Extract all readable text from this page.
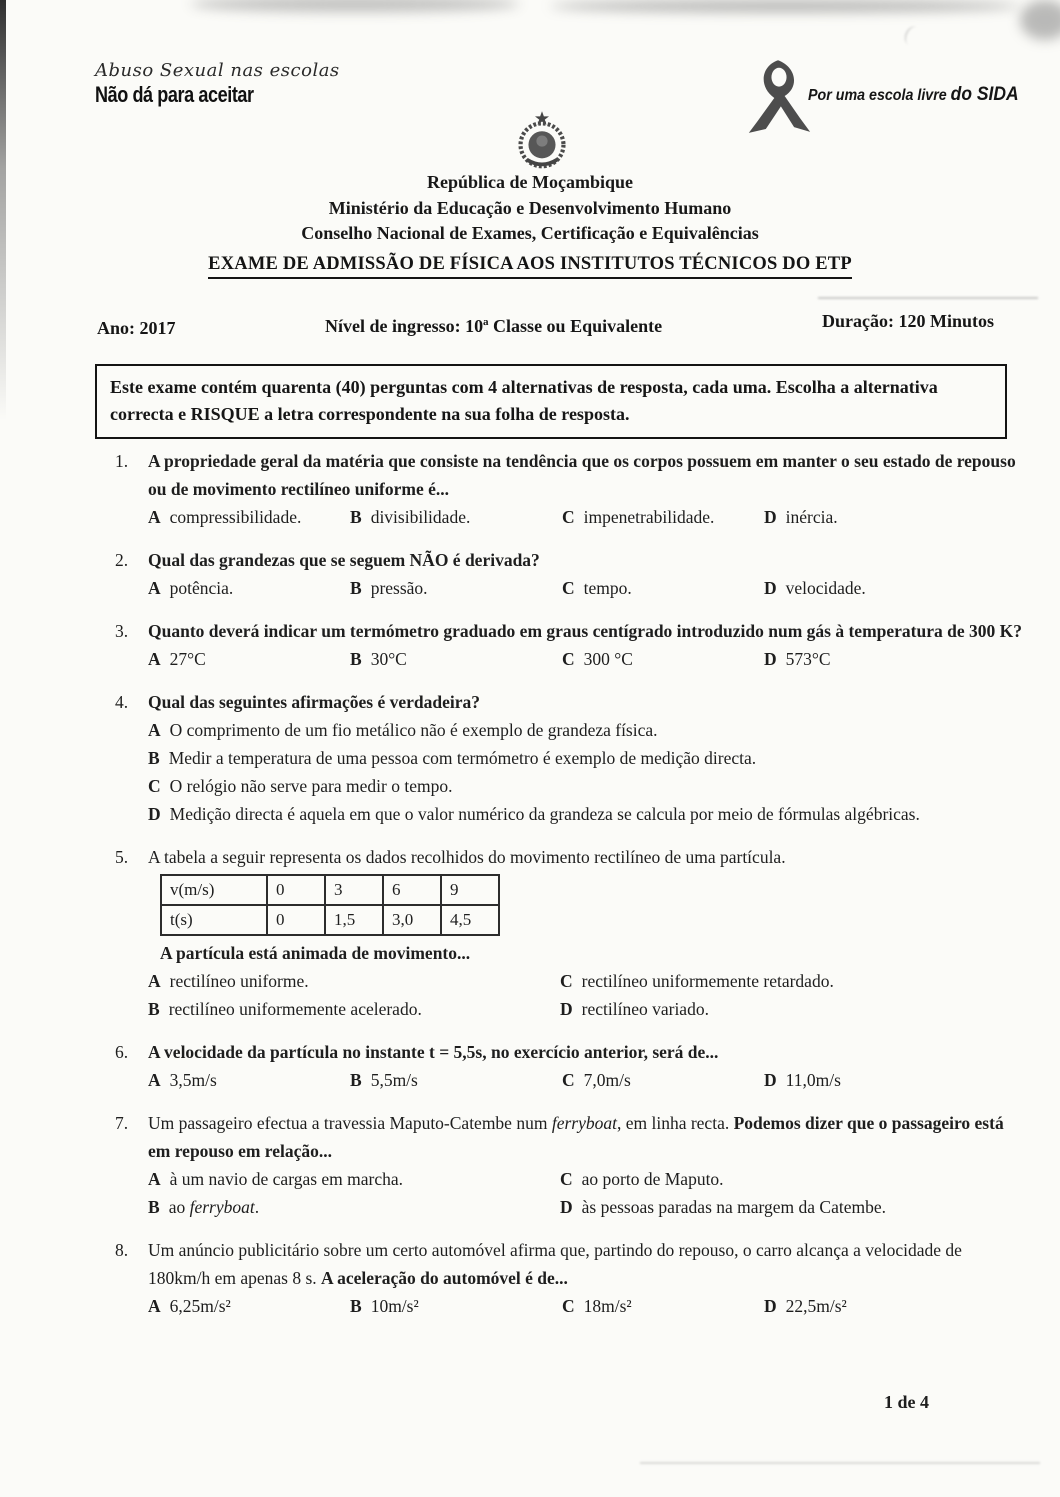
Abuso Sexual nas escolas
Não dá para aceitar	Por uma escola livre do SIDA
República de Moçambique
Ministério da Educação e Desenvolvimento Humano
Conselho Nacional de Exames, Certificação e Equivalências
EXAME DE ADMISSÃO DE FÍSICA AOS INSTITUTOS TÉCNICOS DO ETP
Ano: 2017	Nível de ingresso: 10ª Classe ou Equivalente	Duração: 120 Minutos
Este exame contém quarenta (40) perguntas com 4 alternativas de resposta, cada uma. Escolha a alternativa correcta e RISQUE a letra correspondente na sua folha de resposta.
1. A propriedade geral da matéria que consiste na tendência que os corpos possuem em manter o seu estado de repouso ou de movimento rectilíneo uniforme é...
A compressibilidade.	B divisibilidade.	C impenetrabilidade.	D inércia.
2. Qual das grandezas que se seguem NÃO é derivada?
A potência.	B pressão.	C tempo.	D velocidade.
3. Quanto deverá indicar um termómetro graduado em graus centígrado introduzido num gás à temperatura de 300 K?
A 27°C	B 30°C	C 300 °C	D 573°C
4. Qual das seguintes afirmações é verdadeira?
A O comprimento de um fio metálico não é exemplo de grandeza física.
B Medir a temperatura de uma pessoa com termómetro é exemplo de medição directa.
C O relógio não serve para medir o tempo.
D Medição directa é aquela em que o valor numérico da grandeza se calcula por meio de fórmulas algébricas.
5. A tabela a seguir representa os dados recolhidos do movimento rectilíneo de uma partícula.
v(m/s)	0	3	6	9
t(s)	0	1,5	3,0	4,5
A partícula está animada de movimento...
A rectilíneo uniforme.	C rectilíneo uniformemente retardado.
B rectilíneo uniformemente acelerado.	D rectilíneo variado.
6. A velocidade da partícula no instante t = 5,5s, no exercício anterior, será de...
A 3,5m/s	B 5,5m/s	C 7,0m/s	D 11,0m/s
7. Um passageiro efectua a travessia Maputo-Catembe num ferryboat, em linha recta. Podemos dizer que o passageiro está em repouso em relação...
A à um navio de cargas em marcha.	C ao porto de Maputo.
B ao ferryboat.	D às pessoas paradas na margem da Catembe.
8. Um anúncio publicitário sobre um certo automóvel afirma que, partindo do repouso, o carro alcança a velocidade de 180km/h em apenas 8 s. A aceleração do automóvel é de...
A 6,25m/s²	B 10m/s²	C 18m/s²	D 22,5m/s²
1 de 4
